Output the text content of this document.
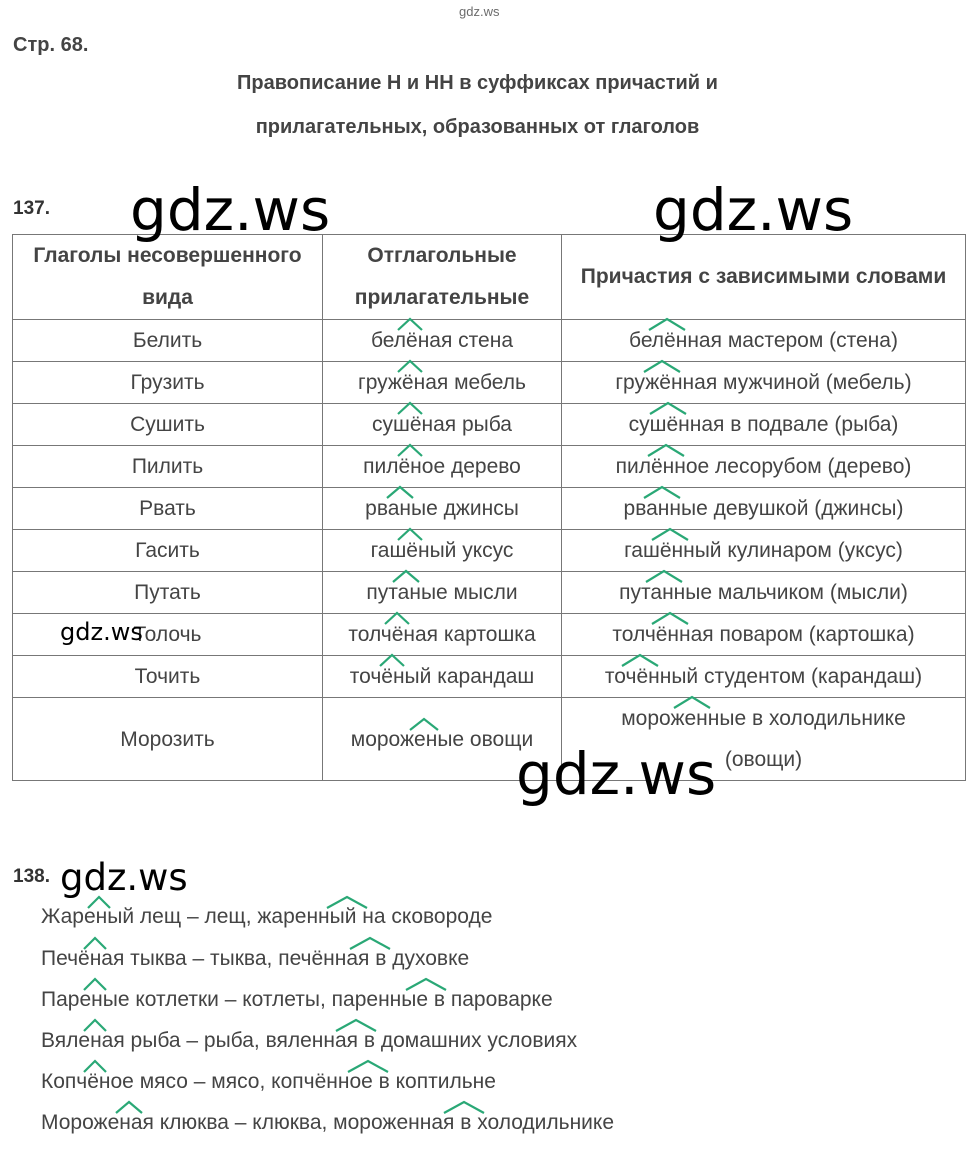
gdz.ws
Стр. 68.
Правописание Н и НН в суффиксах причастий и
прилагательных, образованных от глаголов
137.
Глаголы несовершенного вида	Отглагольные прилагательные	Причастия с зависимыми словами
Белить	белёная стена	белённая мастером (стена)
Грузить	гружёная мебель	гружённая мужчиной (мебель)
Сушить	сушёная рыба	сушённая в подвале (рыба)
Пилить	пилёное дерево	пилённое лесорубом (дерево)
Рвать	рваные джинсы	рванные девушкой (джинсы)
Гасить	гашёный уксус	гашённый кулинаром (уксус)
Путать	путаные мысли	путанные мальчиком (мысли)
Толочь	толчёная картошка	толчённая поваром (картошка)
Точить	точёный карандаш	точённый студентом (карандаш)
Морозить	мороженые овощи	мороженные в холодильнике (овощи)
gdz.ws	gdz.ws
gdz.ws
gdz.ws
138. gdz.ws
Жареный лещ – лещ, жаренный на сковороде
Печёная тыква – тыква, печённая в духовке
Пареные котлетки – котлеты, паренные в пароварке
Вяленая рыба – рыба, вяленная в домашних условиях
Копчёное мясо – мясо, копчённое в коптильне
Мороженая клюква – клюква, мороженная в холодильнике
